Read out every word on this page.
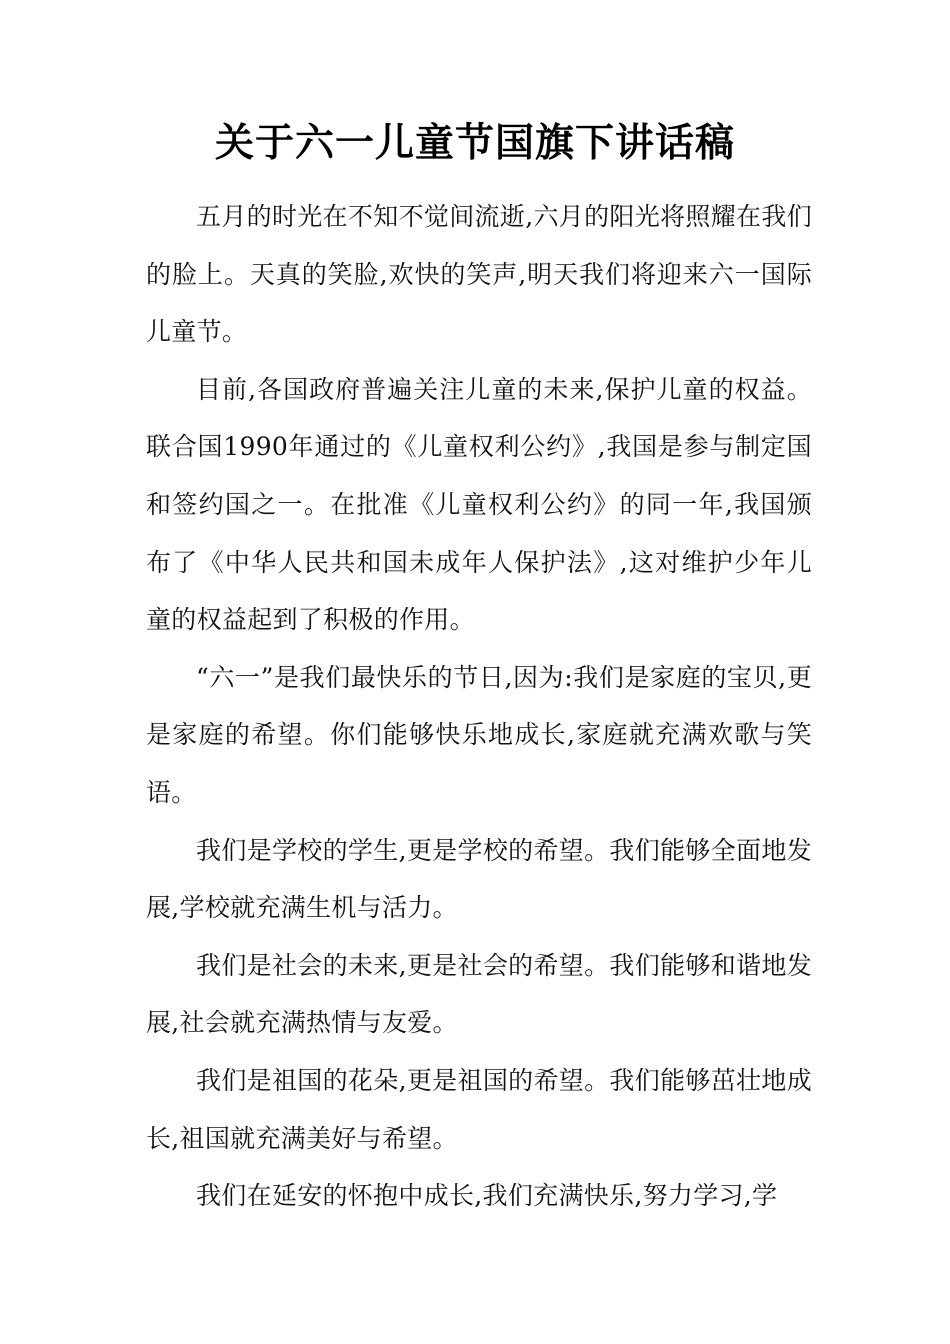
关于六一儿童节国旗下讲话稿

五月的时光在不知不觉间流逝,六月的阳光将照耀在我们的脸上。天真的笑脸,欢快的笑声,明天我们将迎来六一国际儿童节。

目前,各国政府普遍关注儿童的未来,保护儿童的权益。联合国1990年通过的《儿童权利公约》,我国是参与制定国和签约国之一。在批准《儿童权利公约》的同一年,我国颁布了《中华人民共和国未成年人保护法》,这对维护少年儿童的权益起到了积极的作用。

“六一”是我们最快乐的节日,因为:我们是家庭的宝贝,更是家庭的希望。你们能够快乐地成长,家庭就充满欢歌与笑语。

我们是学校的学生,更是学校的希望。我们能够全面地发展,学校就充满生机与活力。

我们是社会的未来,更是社会的希望。我们能够和谐地发展,社会就充满热情与友爱。

我们是祖国的花朵,更是祖国的希望。我们能够茁壮地成长,祖国就充满美好与希望。

我们在延安的怀抱中成长,我们充满快乐,努力学习,学
